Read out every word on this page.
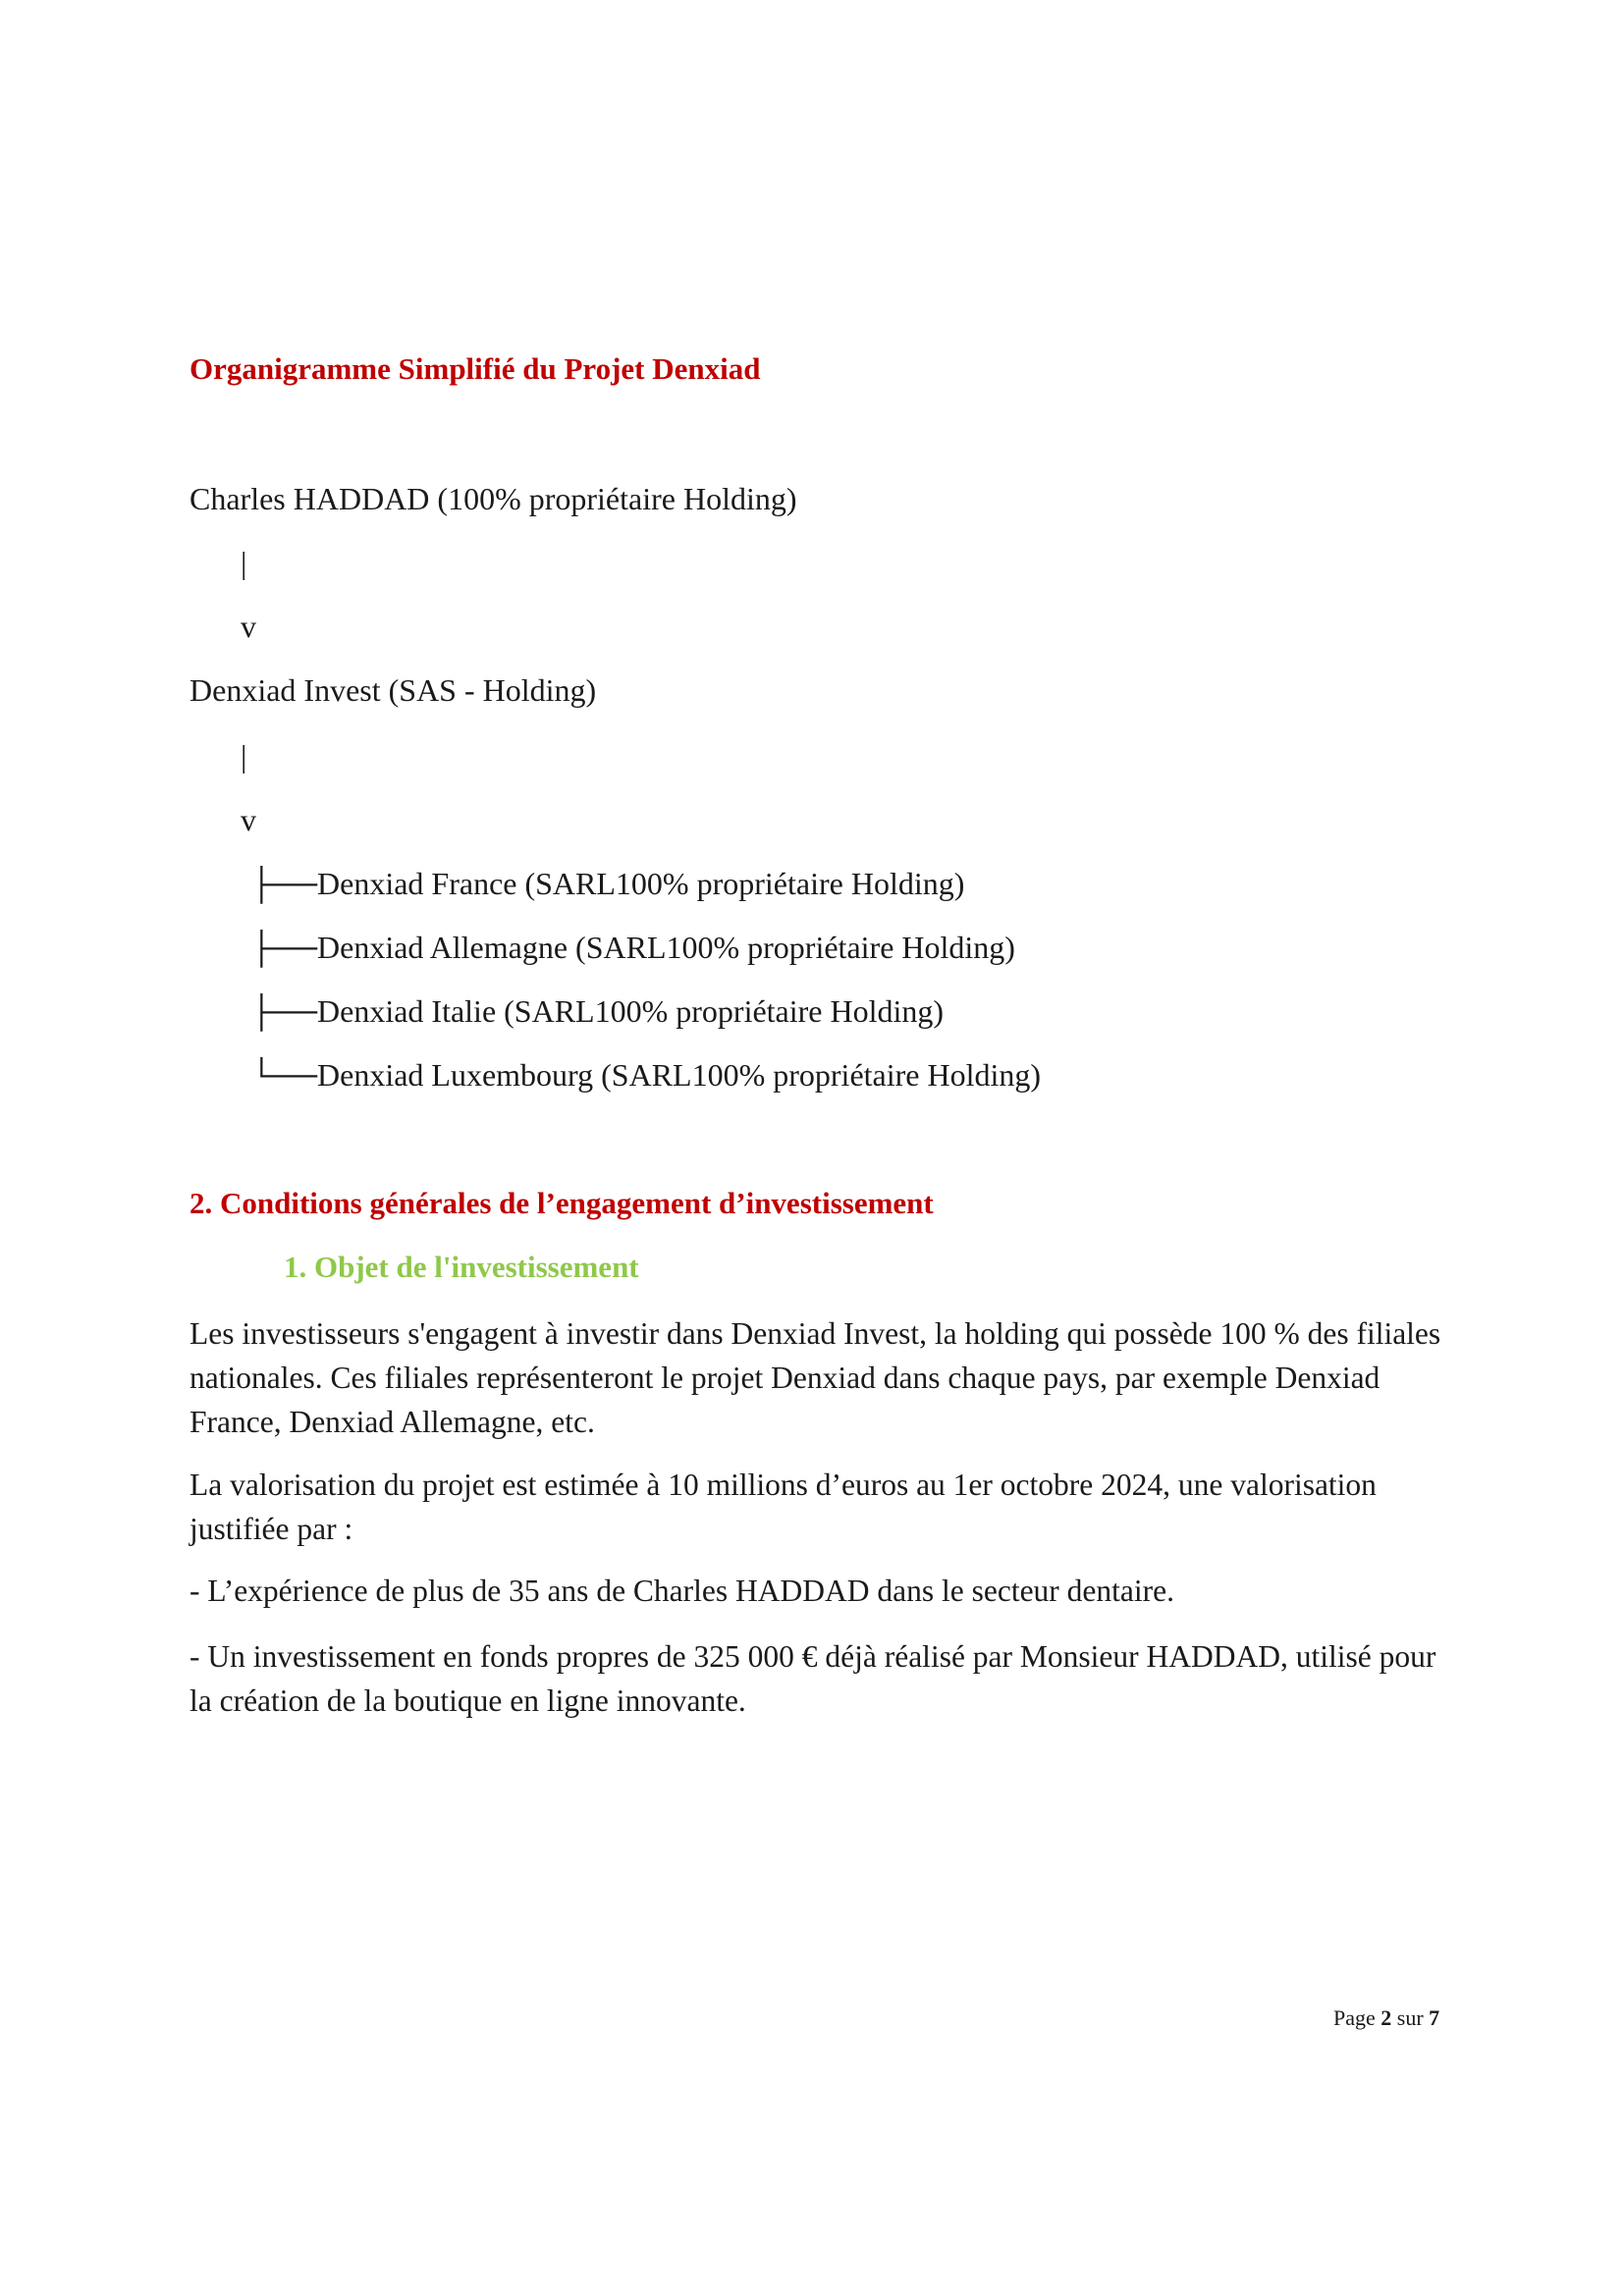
Organigramme Simplifié du Projet Denxiad
Charles HADDAD (100% propriétaire Holding)
|
v
Denxiad Invest (SAS - Holding)
|
v
├──Denxiad France (SARL100% propriétaire Holding)
├──Denxiad Allemagne (SARL100% propriétaire Holding)
├──Denxiad Italie (SARL100% propriétaire Holding)
└──Denxiad Luxembourg (SARL100% propriétaire Holding)
2. Conditions générales de l’engagement d’investissement
1. Objet de l'investissement

Les investisseurs s'engagent à investir dans Denxiad Invest, la holding qui possède 100 % des filiales nationales. Ces filiales représenteront le projet Denxiad dans chaque pays, par exemple Denxiad France, Denxiad Allemagne, etc.

La valorisation du projet est estimée à 10 millions d’euros au 1er octobre 2024, une valorisation justifiée par :

- L’expérience de plus de 35 ans de Charles HADDAD dans le secteur dentaire.

- Un investissement en fonds propres de 325 000 € déjà réalisé par Monsieur HADDAD, utilisé pour la création de la boutique en ligne innovante.

Page 2 sur 7
